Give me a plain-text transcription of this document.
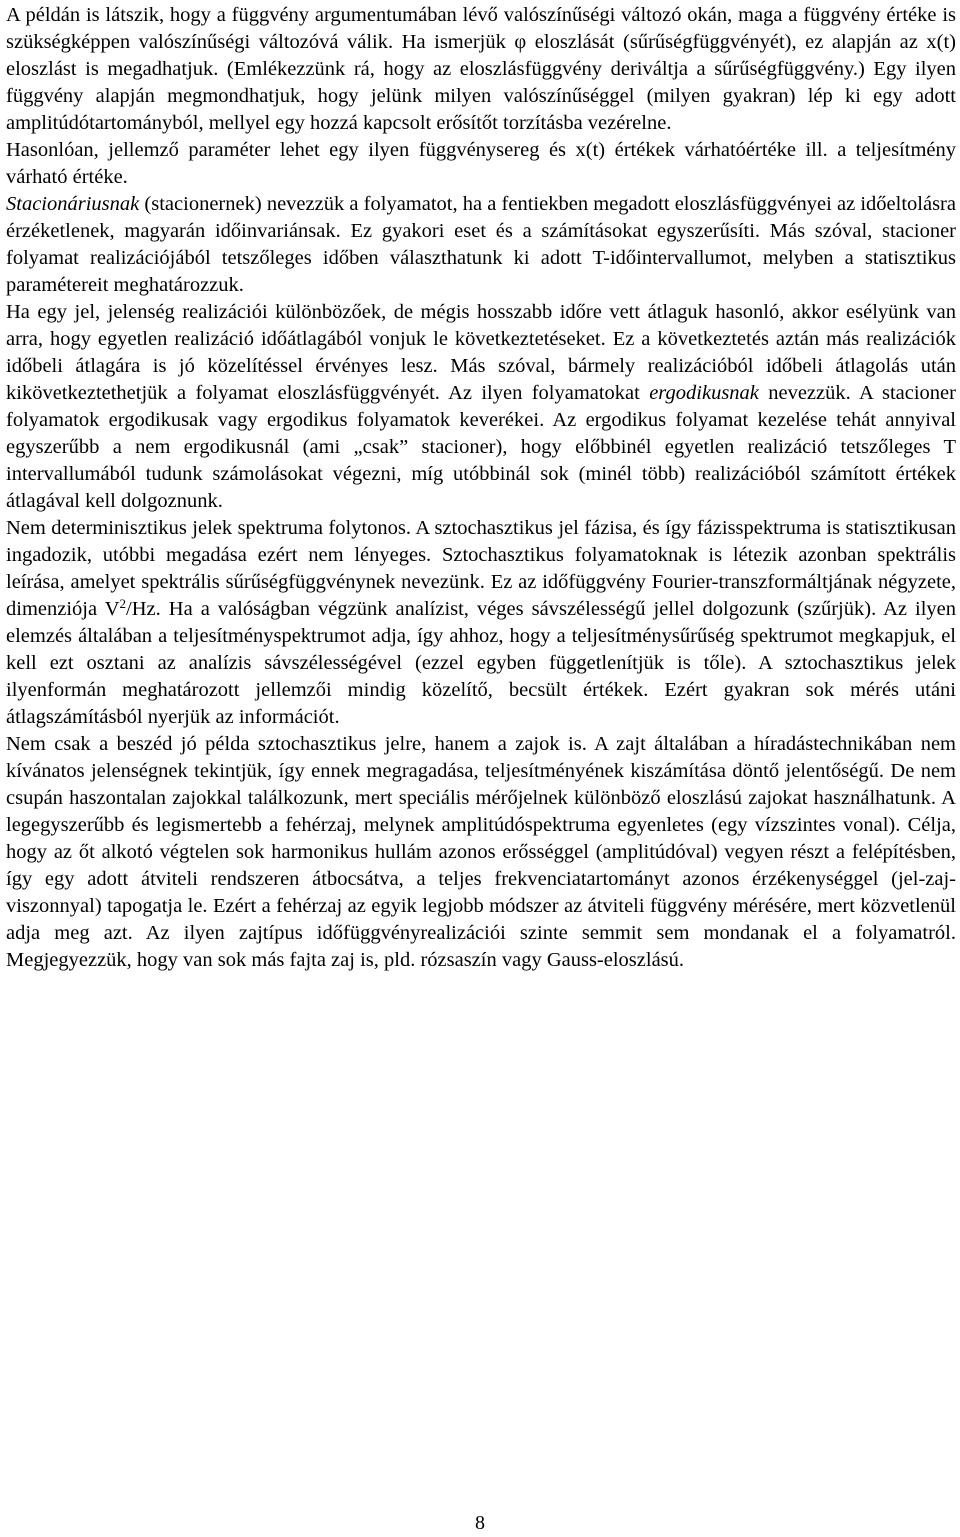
A példán is látszik, hogy a függvény argumentumában lévő valószínűségi változó okán, maga a függvény értéke is szükségképpen valószínűségi változóvá válik. Ha ismerjük φ eloszlását (sűrűségfüggvényét), ez alapján az x(t) eloszlást is megadhatjuk. (Emlékezzünk rá, hogy az eloszlásfüggvény deriváltja a sűrűségfüggvény.) Egy ilyen függvény alapján megmondhatjuk, hogy jelünk milyen valószínűséggel (milyen gyakran) lép ki egy adott amplitúdótartományból, mellyel egy hozzá kapcsolt erősítőt torzításba vezérelne.

Hasonlóan, jellemző paraméter lehet egy ilyen függvénysereg és x(t) értékek várhatóértéke ill. a teljesítmény várható értéke.

Stacionáriusnak (stacionernek) nevezzük a folyamatot, ha a fentiekben megadott eloszlásfüggvényei az időeltolásra érzéketlenek, magyarán időinvariánsak. Ez gyakori eset és a számításokat egyszerűsíti. Más szóval, stacioner folyamat realizációjából tetszőleges időben választhatunk ki adott T-időintervallumot, melyben a statisztikus paramétereit meghatározzuk.

Ha egy jel, jelenség realizációi különbözőek, de mégis hosszabb időre vett átlaguk hasonló, akkor esélyünk van arra, hogy egyetlen realizáció időátlagából vonjuk le következtetéseket. Ez a következtetés aztán más realizációk időbeli átlagára is jó közelítéssel érvényes lesz. Más szóval, bármely realizációból időbeli átlagolás után kikövetkeztethetjük a folyamat eloszlásfüggvényét. Az ilyen folyamatokat ergodikusnak nevezzük. A stacioner folyamatok ergodikusak vagy ergodikus folyamatok keverékei. Az ergodikus folyamat kezelése tehát annyival egyszerűbb a nem ergodikusnál (ami „csak” stacioner), hogy előbbinél egyetlen realizáció tetszőleges T intervallumából tudunk számolásokat végezni, míg utóbbinál sok (minél több) realizációból számított értékek átlagával kell dolgoznunk.

Nem determinisztikus jelek spektruma folytonos. A sztochasztikus jel fázisa, és így fázisspektruma is statisztikusan ingadozik, utóbbi megadása ezért nem lényeges. Sztochasztikus folyamatoknak is létezik azonban spektrális leírása, amelyet spektrális sűrűségfüggvénynek nevezünk. Ez az időfüggvény Fourier-transzformáltjának négyzete, dimenziója $V^2/Hz$. Ha a valóságban végzünk analízist, véges sávszélességű jellel dolgozunk (szűrjük). Az ilyen elemzés általában a teljesítményspektrumot adja, így ahhoz, hogy a teljesítménysűrűség spektrumot megkapjuk, el kell ezt osztani az analízis sávszélességével (ezzel egyben függetlenítjük is tőle). A sztochasztikus jelek ilyenformán meghatározott jellemzői mindig közelítő, becsült értékek. Ezért gyakran sok mérés utáni átlagszámításból nyerjük az információt.

Nem csak a beszéd jó példa sztochasztikus jelre, hanem a zajok is. A zajt általában a híradástechnikában nem kívánatos jelenségnek tekintjük, így ennek megragadása, teljesítményének kiszámítása döntő jelentőségű. De nem csupán haszontalan zajokkal találkozunk, mert speciális mérőjelnek különböző eloszlású zajokat használhatunk. A legegyszerűbb és legismertebb a fehérzaj, melynek amplitúdóspektruma egyenletes (egy vízszintes vonal). Célja, hogy az őt alkotó végtelen sok harmonikus hullám azonos erősséggel (amplitúdóval) vegyen részt a felépítésben, így egy adott átviteli rendszeren átbocsátva, a teljes frekvenciatartományt azonos érzékenységgel (jel-zaj-viszonnyal) tapogatja le. Ezért a fehérzaj az egyik legjobb módszer az átviteli függvény mérésére, mert közvetlenül adja meg azt. Az ilyen zajtípus időfüggvényrealizációi szinte semmit sem mondanak el a folyamatról. Megjegyezzük, hogy van sok más fajta zaj is, pld. rózsaszín vagy Gauss-eloszlású.

8
